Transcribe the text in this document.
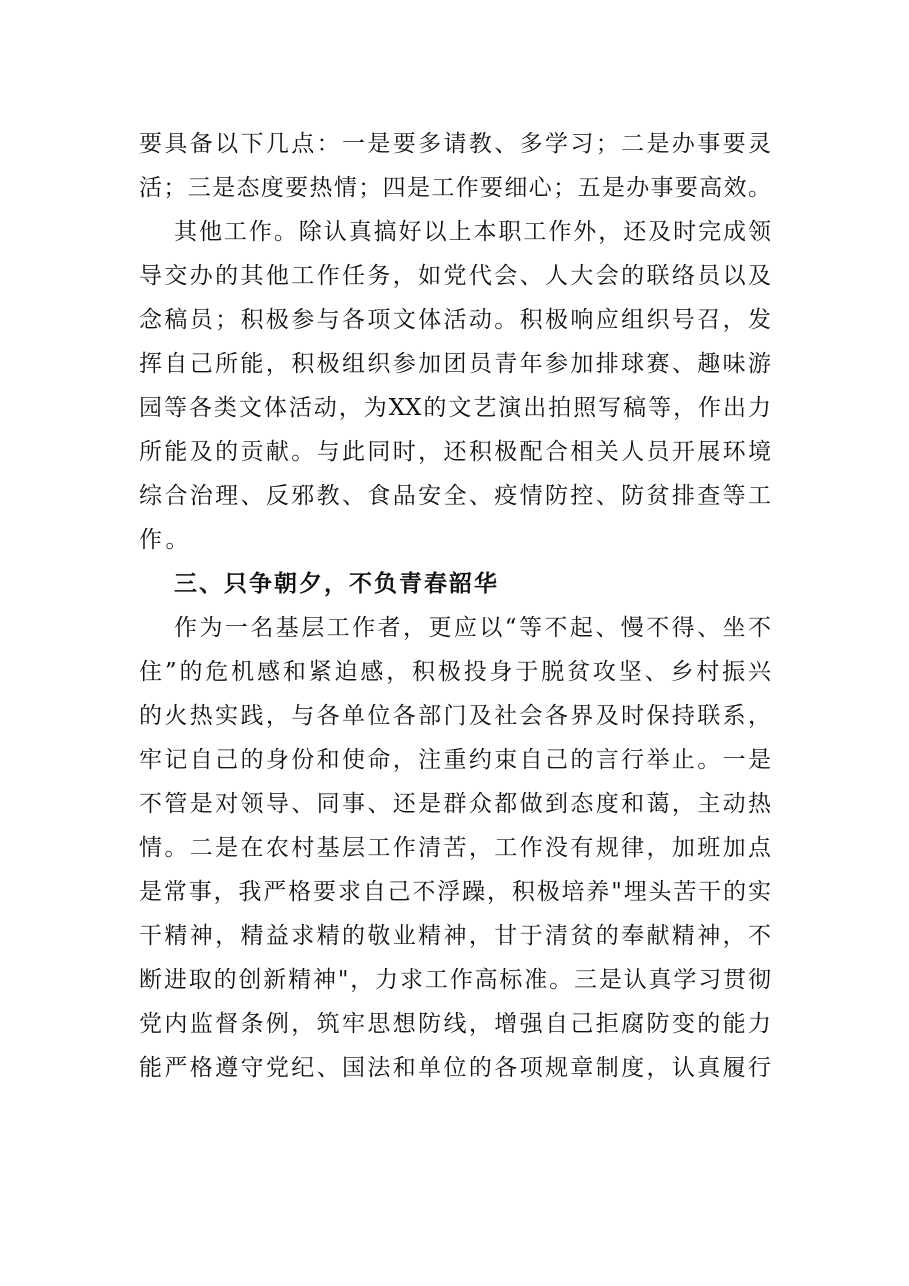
要具备以下几点：一是要多请教、多学习；二是办事要灵
活；三是态度要热情；四是工作要细心；五是办事要高效。
其他工作。除认真搞好以上本职工作外，还及时完成领
导交办的其他工作任务，如党代会、人大会的联络员以及
念稿员；积极参与各项文体活动。积极响应组织号召，发
挥自己所能，积极组织参加团员青年参加排球赛、趣味游
园等各类文体活动，为XX的文艺演出拍照写稿等，作出力
所能及的贡献。与此同时，还积极配合相关人员开展环境
综合治理、反邪教、食品安全、疫情防控、防贫排查等工
作。
三、只争朝夕，不负青春韶华
作为一名基层工作者，更应以“等不起、慢不得、坐不
住”的危机感和紧迫感，积极投身于脱贫攻坚、乡村振兴
的火热实践，与各单位各部门及社会各界及时保持联系，
牢记自己的身份和使命，注重约束自己的言行举止。一是
不管是对领导、同事、还是群众都做到态度和蔼，主动热
情。二是在农村基层工作清苦，工作没有规律，加班加点
是常事，我严格要求自己不浮躁，积极培养"埋头苦干的实
干精神，精益求精的敬业精神，甘于清贫的奉献精神，不
断进取的创新精神"，力求工作高标准。三是认真学习贯彻
党内监督条例，筑牢思想防线，增强自己拒腐防变的能力
能严格遵守党纪、国法和单位的各项规章制度，认真履行
